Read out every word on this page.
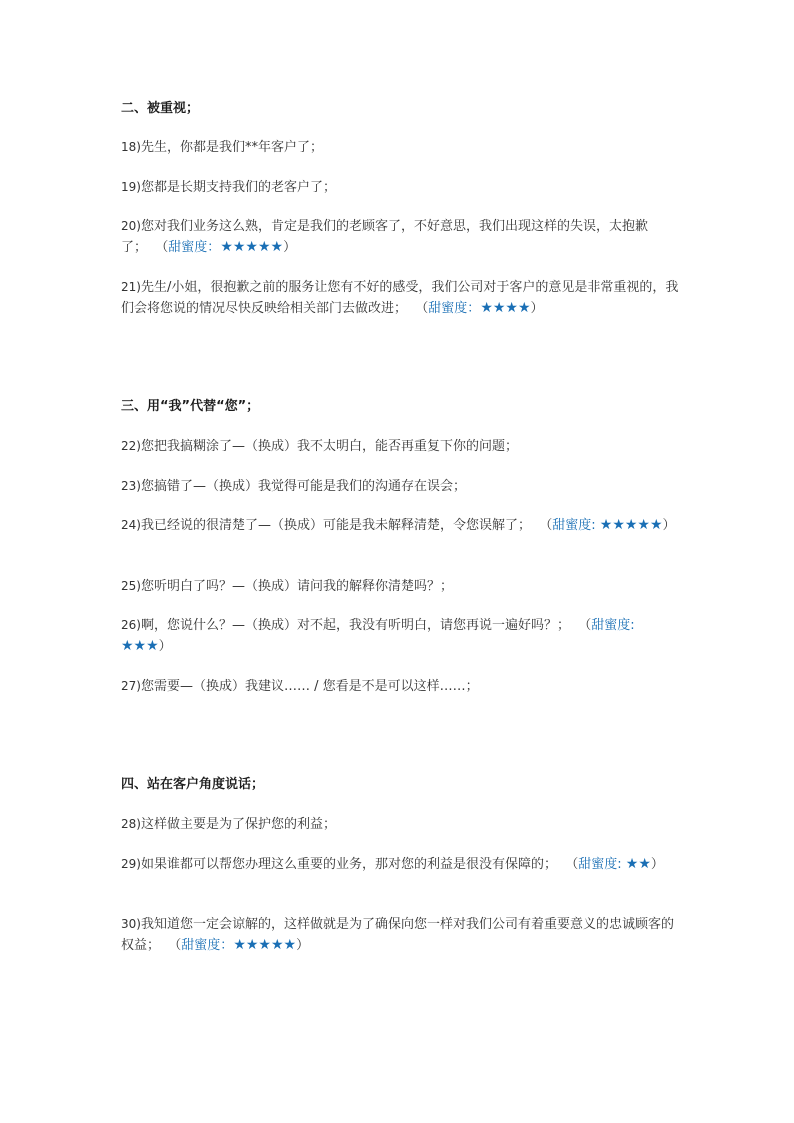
二、被重视；
18)先生，你都是我们**年客户了；
19)您都是长期支持我们的老客户了；
20)您对我们业务这么熟，肯定是我们的老顾客了，不好意思，我们出现这样的失误，太抱歉了； （甜蜜度：★★★★★）
21)先生/小姐，很抱歉之前的服务让您有不好的感受，我们公司对于客户的意见是非常重视的，我们会将您说的情况尽快反映给相关部门去做改进； （甜蜜度：★★★★）
三、用“我”代替“您”；
22)您把我搞糊涂了—（换成）我不太明白，能否再重复下你的问题；
23)您搞错了—（换成）我觉得可能是我们的沟通存在误会；
24)我已经说的很清楚了—（换成）可能是我未解释清楚，令您误解了； （甜蜜度: ★★★★★）
25)您听明白了吗？—（换成）请问我的解释你清楚吗？；
26)啊，您说什么？—（换成）对不起，我没有听明白，请您再说一遍好吗？； （甜蜜度: ★★★）
27)您需要—（换成）我建议…… / 您看是不是可以这样……；
四、站在客户角度说话；
28)这样做主要是为了保护您的利益；
29)如果谁都可以帮您办理这么重要的业务，那对您的利益是很没有保障的； （甜蜜度: ★★）
30)我知道您一定会谅解的，这样做就是为了确保向您一样对我们公司有着重要意义的忠诚顾客的权益； （甜蜜度：★★★★★）
